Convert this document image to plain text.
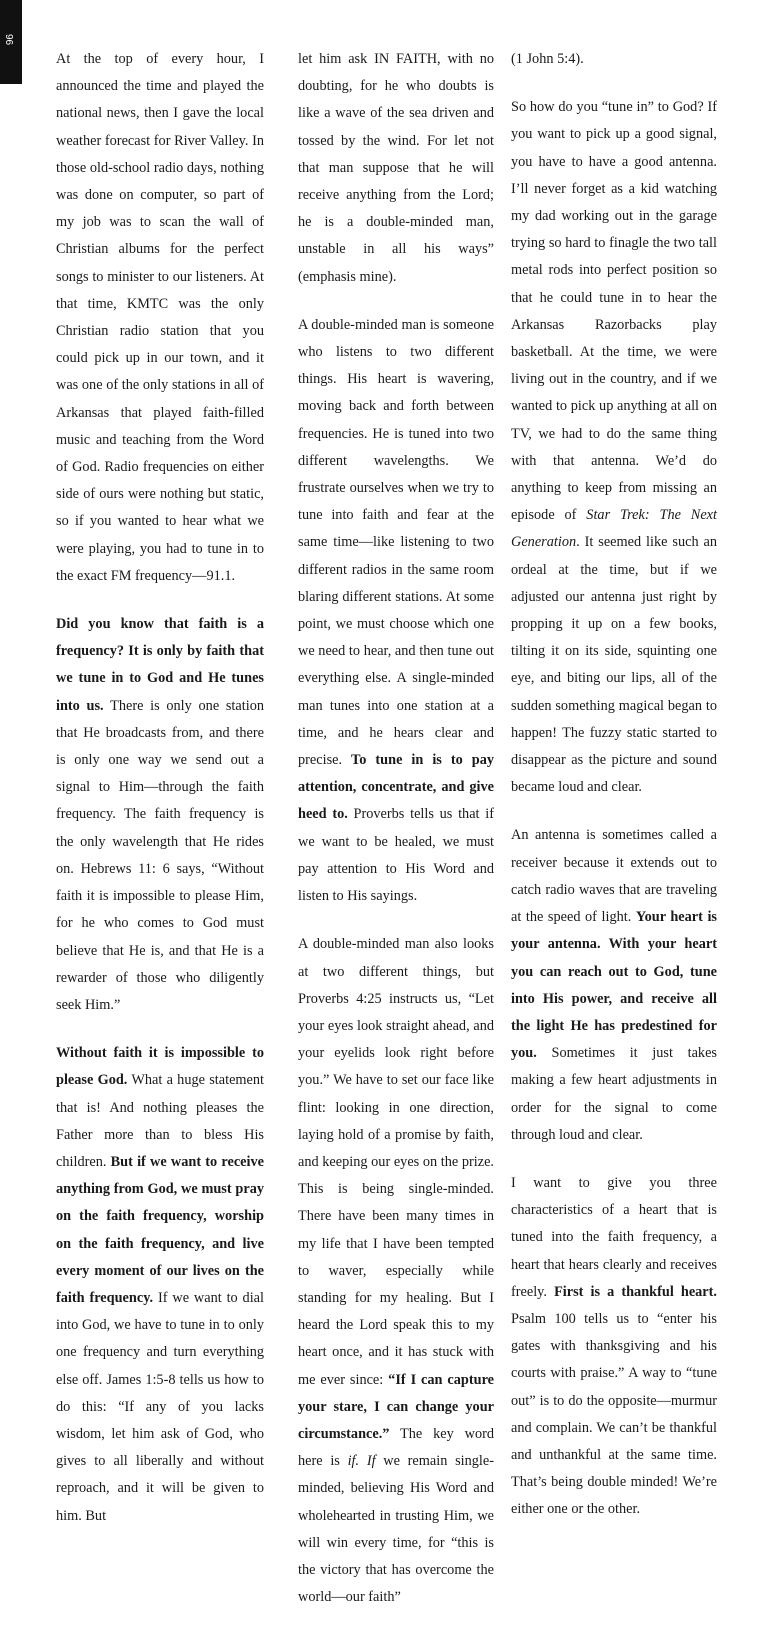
96

At the top of every hour, I announced the time and played the national news, then I gave the local weather forecast for River Valley. In those old-school radio days, nothing was done on computer, so part of my job was to scan the wall of Christian albums for the perfect songs to minister to our listeners. At that time, KMTC was the only Christian radio station that you could pick up in our town, and it was one of the only stations in all of Arkansas that played faith-filled music and teaching from the Word of God. Radio frequencies on either side of ours were nothing but static, so if you wanted to hear what we were playing, you had to tune in to the exact FM frequency—91.1.

Did you know that faith is a frequency? It is only by faith that we tune in to God and He tunes into us. There is only one station that He broadcasts from, and there is only one way we send out a signal to Him—through the faith frequency. The faith frequency is the only wavelength that He rides on. Hebrews 11: 6 says, “Without faith it is impossible to please Him, for he who comes to God must believe that He is, and that He is a rewarder of those who diligently seek Him.”

Without faith it is impossible to please God. What a huge statement that is! And nothing pleases the Father more than to bless His children. But if we want to receive anything from God, we must pray on the faith frequency, worship on the faith frequency, and live every moment of our lives on the faith frequency. If we want to dial into God, we have to tune in to only one frequency and turn everything else off. James 1:5-8 tells us how to do this: “If any of you lacks wisdom, let him ask of God, who gives to all liberally and without reproach, and it will be given to him. But

let him ask IN FAITH, with no doubting, for he who doubts is like a wave of the sea driven and tossed by the wind. For let not that man suppose that he will receive anything from the Lord; he is a double-minded man, unstable in all his ways” (emphasis mine).

A double-minded man is someone who listens to two different things. His heart is wavering, moving back and forth between frequencies. He is tuned into two different wavelengths. We frustrate ourselves when we try to tune into faith and fear at the same time—like listening to two different radios in the same room blaring different stations. At some point, we must choose which one we need to hear, and then tune out everything else. A single-minded man tunes into one station at a time, and he hears clear and precise. To tune in is to pay attention, concentrate, and give heed to. Proverbs tells us that if we want to be healed, we must pay attention to His Word and listen to His sayings.

A double-minded man also looks at two different things, but Proverbs 4:25 instructs us, “Let your eyes look straight ahead, and your eyelids look right before you.” We have to set our face like flint: looking in one direction, laying hold of a promise by faith, and keeping our eyes on the prize. This is being single-minded. There have been many times in my life that I have been tempted to waver, especially while standing for my healing. But I heard the Lord speak this to my heart once, and it has stuck with me ever since: “If I can capture your stare, I can change your circumstance.” The key word here is if. If we remain single-minded, believing His Word and wholehearted in trusting Him, we will win every time, for “this is the victory that has overcome the world—our faith”

(1 John 5:4).

So how do you “tune in” to God? If you want to pick up a good signal, you have to have a good antenna. I’ll never forget as a kid watching my dad working out in the garage trying so hard to finagle the two tall metal rods into perfect position so that he could tune in to hear the Arkansas Razorbacks play basketball. At the time, we were living out in the country, and if we wanted to pick up anything at all on TV, we had to do the same thing with that antenna. We’d do anything to keep from missing an episode of Star Trek: The Next Generation. It seemed like such an ordeal at the time, but if we adjusted our antenna just right by propping it up on a few books, tilting it on its side, squinting one eye, and biting our lips, all of the sudden something magical began to happen! The fuzzy static started to disappear as the picture and sound became loud and clear.

An antenna is sometimes called a receiver because it extends out to catch radio waves that are traveling at the speed of light. Your heart is your antenna. With your heart you can reach out to God, tune into His power, and receive all the light He has predestined for you. Sometimes it just takes making a few heart adjustments in order for the signal to come through loud and clear.

I want to give you three characteristics of a heart that is tuned into the faith frequency, a heart that hears clearly and receives freely. First is a thankful heart. Psalm 100 tells us to “enter his gates with thanksgiving and his courts with praise.” A way to “tune out” is to do the opposite—murmur and complain. We can’t be thankful and unthankful at the same time. That’s being double minded! We’re either one or the other.
